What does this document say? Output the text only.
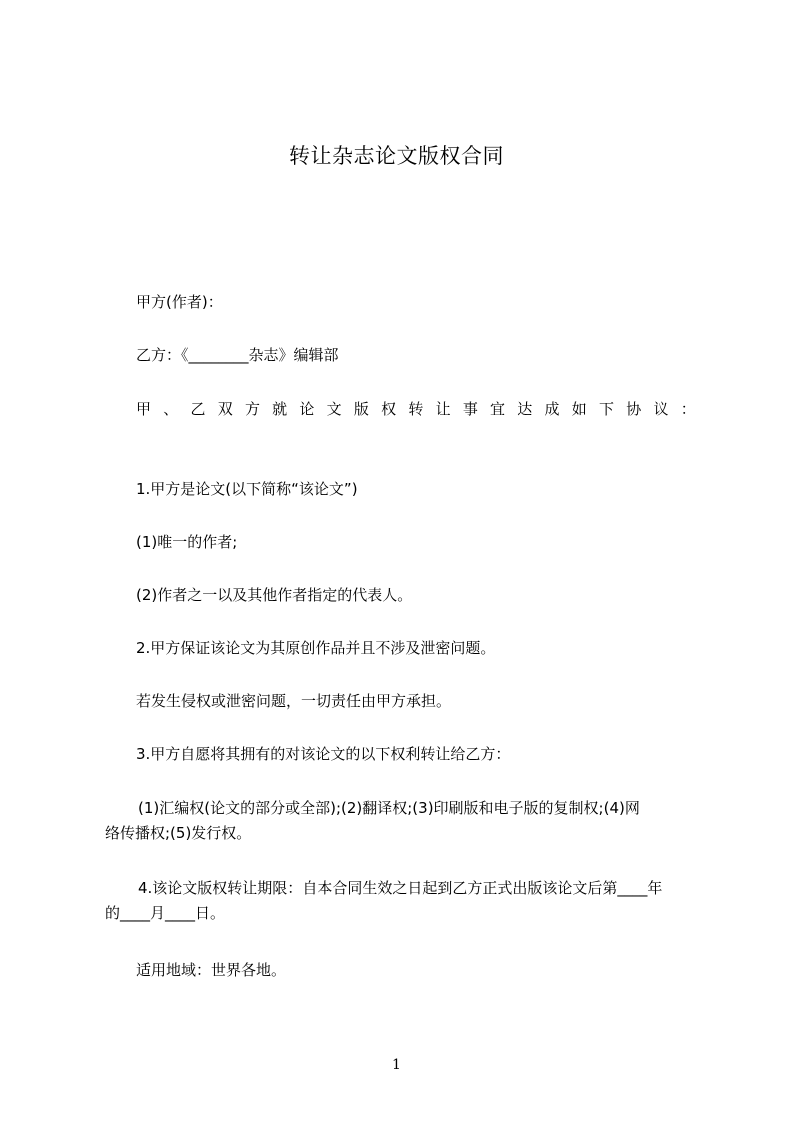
转让杂志论文版权合同
甲方(作者)：
乙方：《________杂志》编辑部
甲 、 乙 双 方 就 论 文 版 权 转 让 事 宜 达 成 如 下 协 议 ：
1.甲方是论文(以下简称“该论文”)
(1)唯一的作者;
(2)作者之一以及其他作者指定的代表人。
2.甲方保证该论文为其原创作品并且不涉及泄密问题。
若发生侵权或泄密问题，一切责任由甲方承担。
3.甲方自愿将其拥有的对该论文的以下权利转让给乙方：
(1)汇编权(论文的部分或全部);(2)翻译权;(3)印刷版和电子版的复制权;(4)网
络传播权;(5)发行权。
4.该论文版权转让期限：自本合同生效之日起到乙方正式出版该论文后第____年
的____月____日。
适用地域：世界各地。
1
